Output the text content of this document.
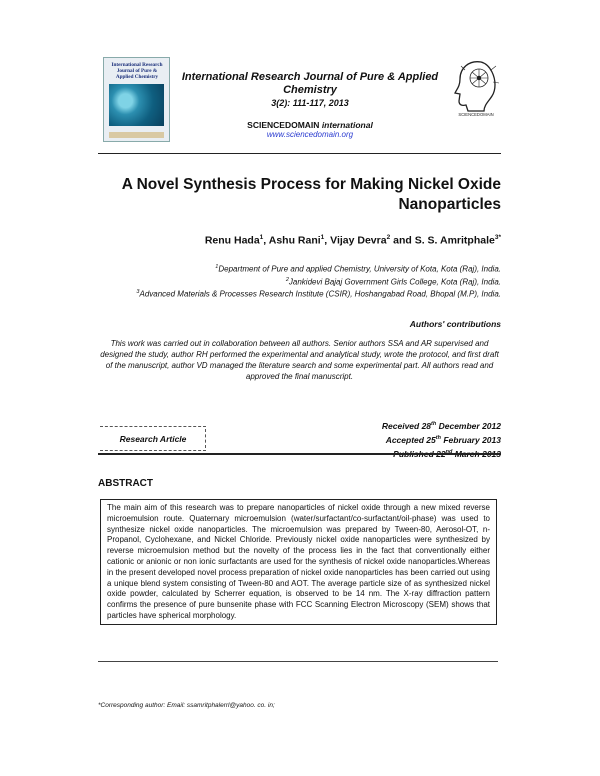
International Research Journal of Pure & Applied Chemistry	International Research Journal of Pure & Applied Chemistry
3(2): 111-117, 2013
SCIENCEDOMAIN international
www.sciencedomain.org
SCIENCEDOMAIN
A Novel Synthesis Process for Making Nickel Oxide Nanoparticles
Renu Hada$^1$, Ashu Rani$^1$, Vijay Devra$^2$ and S. S. Amritphale$^{3*}$
$^1$Department of Pure and applied Chemistry, University of Kota, Kota (Raj), India.
$^2$Jankidevi Bajaj Government Girls College, Kota (Raj), India.
$^3$Advanced Materials & Processes Research Institute (CSIR), Hoshangabad Road, Bhopal (M.P), India.
Authors' contributions
This work was carried out in collaboration between all authors. Senior authors SSA and AR supervised and designed the study, author RH performed the experimental and analytical study, wrote the protocol, and first draft of the manuscript, author VD managed the literature search and some experimental part. All authors read and approved the final manuscript.
Research Article
Received 28th December 2012
Accepted 25th February 2013
Published 22nd March 2013
ABSTRACT
The main aim of this research was to prepare nanoparticles of nickel oxide through a new mixed reverse microemulsion route. Quaternary microemulsion (water/surfactant/co-surfactant/oil-phase) was used to synthesize nickel oxide nanoparticles. The microemulsion was prepared by Tween-80, Aerosol-OT, n-Propanol, Cyclohexane, and Nickel Chloride. Previously nickel oxide nanoparticles were synthesized by reverse microemulsion method but the novelty of the process lies in the fact that conventionally either cationic or anionic or non ionic surfactants are used for the synthesis of nickel oxide nanoparticles.Whereas in the present developed novel process preparation of nickel oxide nanoparticles has been carried out using a unique blend system consisting of Tween-80 and AOT. The average particle size of as synthesized nickel oxide powder, calculated by Scherrer equation, is observed to be 14 nm. The X-ray diffraction pattern confirms the presence of pure bunsenite phase with FCC Scanning Electron Microscopy (SEM) shows that particles have spherical morphology.
*Corresponding author: Email: ssamritphalerrl@yahoo. co. in;
